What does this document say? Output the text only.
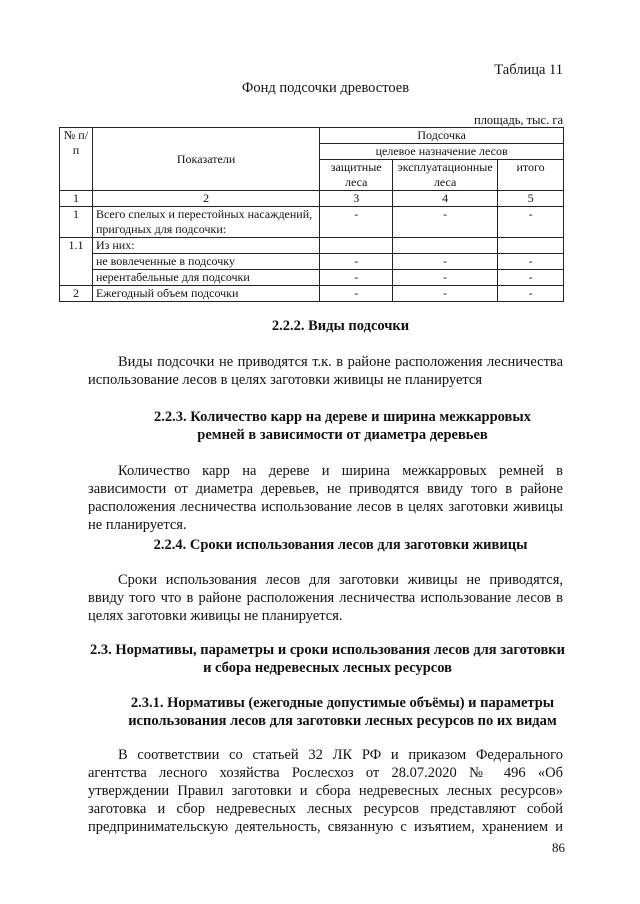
Таблица 11
Фонд подсочки древостоев
площадь, тыс. га
№ п/п	Показатели	Подсочка		
		целевое назначение лесов		
		защитные леса	эксплуатационные леса	итого
1	2	3	4	5
1	Всего спелых и перестойных насаждений, пригодных для подсочки:	-	-	-
1.1	Из них:			
	не вовлеченные в подсочку	-	-	-
	нерентабельные для подсочки	-	-	-
2	Ежегодный объем подсочки	-	-	-
2.2.2. Виды подсочки
Виды подсочки не приводятся т.к. в районе расположения лесничества использование лесов в целях заготовки живицы не планируется
2.2.3. Количество карр на дереве и ширина межкарровых
ремней в зависимости от диаметра деревьев
Количество карр на дереве и ширина межкарровых ремней в зависимости от диаметра деревьев, не приводятся ввиду того в районе расположения лесничества использование лесов в целях заготовки живицы не планируется.
2.2.4. Сроки использования лесов для заготовки живицы
Сроки использования лесов для заготовки живицы не приводятся, ввиду того что в районе расположения лесничества использование лесов в целях заготовки живицы не планируется.
2.3. Нормативы, параметры и сроки использования лесов для заготовки
и сбора недревесных лесных ресурсов
2.3.1. Нормативы (ежегодные допустимые объёмы) и параметры
использования лесов для заготовки лесных ресурсов по их видам
В соответствии со статьей 32 ЛК РФ и приказом Федерального агентства лесного хозяйства Рослесхоз от 28.07.2020 № 496 «Об утверждении Правил заготовки и сбора недревесных лесных ресурсов» заготовка и сбор недревесных лесных ресурсов представляют собой предпринимательскую деятельность, связанную с изъятием, хранением и
86
